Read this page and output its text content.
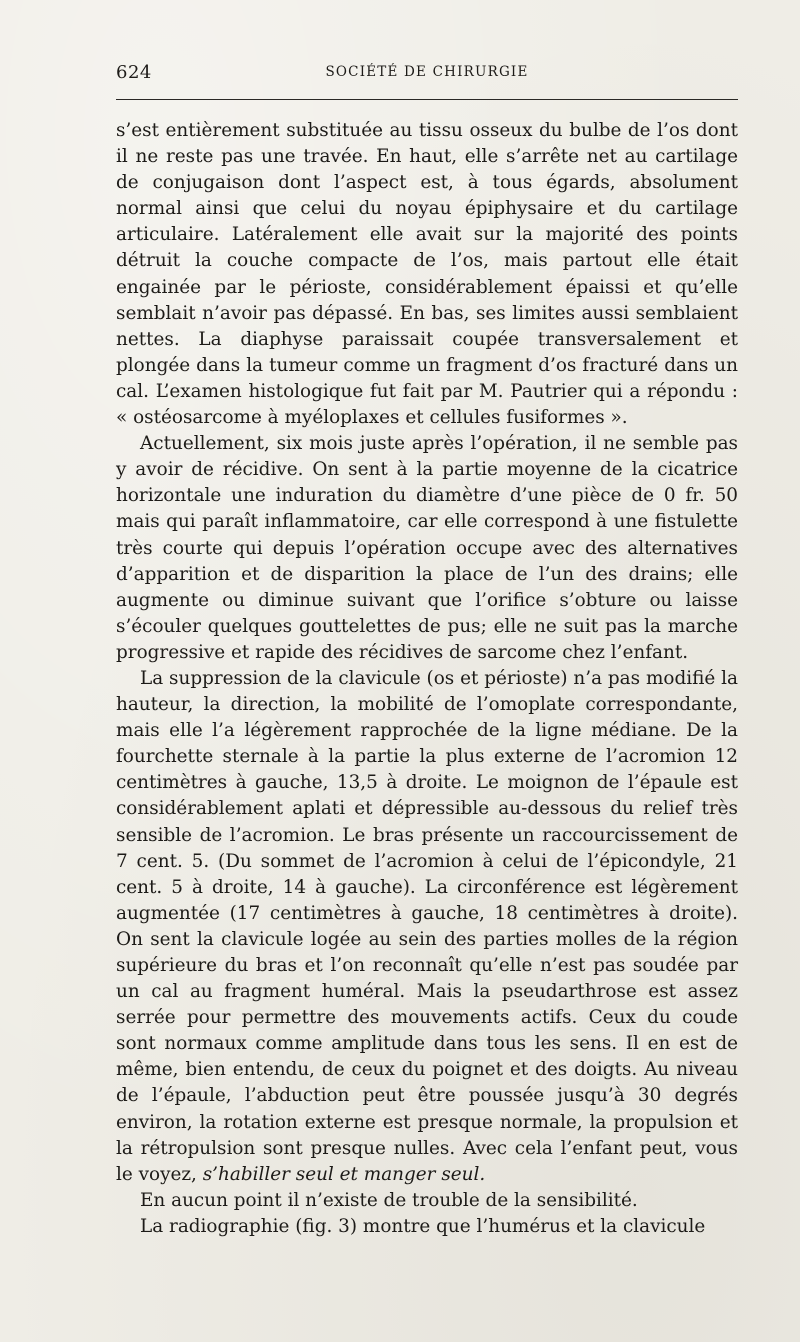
624	SOCIÉTÉ DE CHIRURGIE

s’est entièrement substituée au tissu osseux du bulbe de l’os dont il ne reste pas une travée. En haut, elle s’arrête net au cartilage de conjugaison dont l’aspect est, à tous égards, absolument normal ainsi que celui du noyau épiphysaire et du cartilage articulaire. Latéralement elle avait sur la majorité des points détruit la couche compacte de l’os, mais partout elle était engainée par le périoste, considérablement épaissi et qu’elle semblait n’avoir pas dépassé. En bas, ses limites aussi semblaient nettes. La diaphyse paraissait coupée transversalement et plongée dans la tumeur comme un fragment d’os fracturé dans un cal. L’examen histologique fut fait par M. Pautrier qui a répondu : « ostéosarcome à myéloplaxes et cellules fusiformes ».

Actuellement, six mois juste après l’opération, il ne semble pas y avoir de récidive. On sent à la partie moyenne de la cicatrice horizontale une induration du diamètre d’une pièce de 0 fr. 50 mais qui paraît inflammatoire, car elle correspond à une fistulette très courte qui depuis l’opération occupe avec des alternatives d’apparition et de disparition la place de l’un des drains; elle augmente ou diminue suivant que l’orifice s’obture ou laisse s’écouler quelques gouttelettes de pus; elle ne suit pas la marche progressive et rapide des récidives de sarcome chez l’enfant.

La suppression de la clavicule (os et périoste) n’a pas modifié la hauteur, la direction, la mobilité de l’omoplate correspondante, mais elle l’a légèrement rapprochée de la ligne médiane. De la fourchette sternale à la partie la plus externe de l’acromion 12 centimètres à gauche, 13,5 à droite. Le moignon de l’épaule est considérablement aplati et dépressible au-dessous du relief très sensible de l’acromion. Le bras présente un raccourcissement de 7 cent. 5. (Du sommet de l’acromion à celui de l’épicondyle, 21 cent. 5 à droite, 14 à gauche). La circonférence est légèrement augmentée (17 centimètres à gauche, 18 centimètres à droite). On sent la clavicule logée au sein des parties molles de la région supérieure du bras et l’on reconnaît qu’elle n’est pas soudée par un cal au fragment huméral. Mais la pseudarthrose est assez serrée pour permettre des mouvements actifs. Ceux du coude sont normaux comme amplitude dans tous les sens. Il en est de même, bien entendu, de ceux du poignet et des doigts. Au niveau de l’épaule, l’abduction peut être poussée jusqu’à 30 degrés environ, la rotation externe est presque normale, la propulsion et la rétropulsion sont presque nulles. Avec cela l’enfant peut, vous le voyez, s’habiller seul et manger seul.

En aucun point il n’existe de trouble de la sensibilité.

La radiographie (fig. 3) montre que l’humérus et la clavicule
